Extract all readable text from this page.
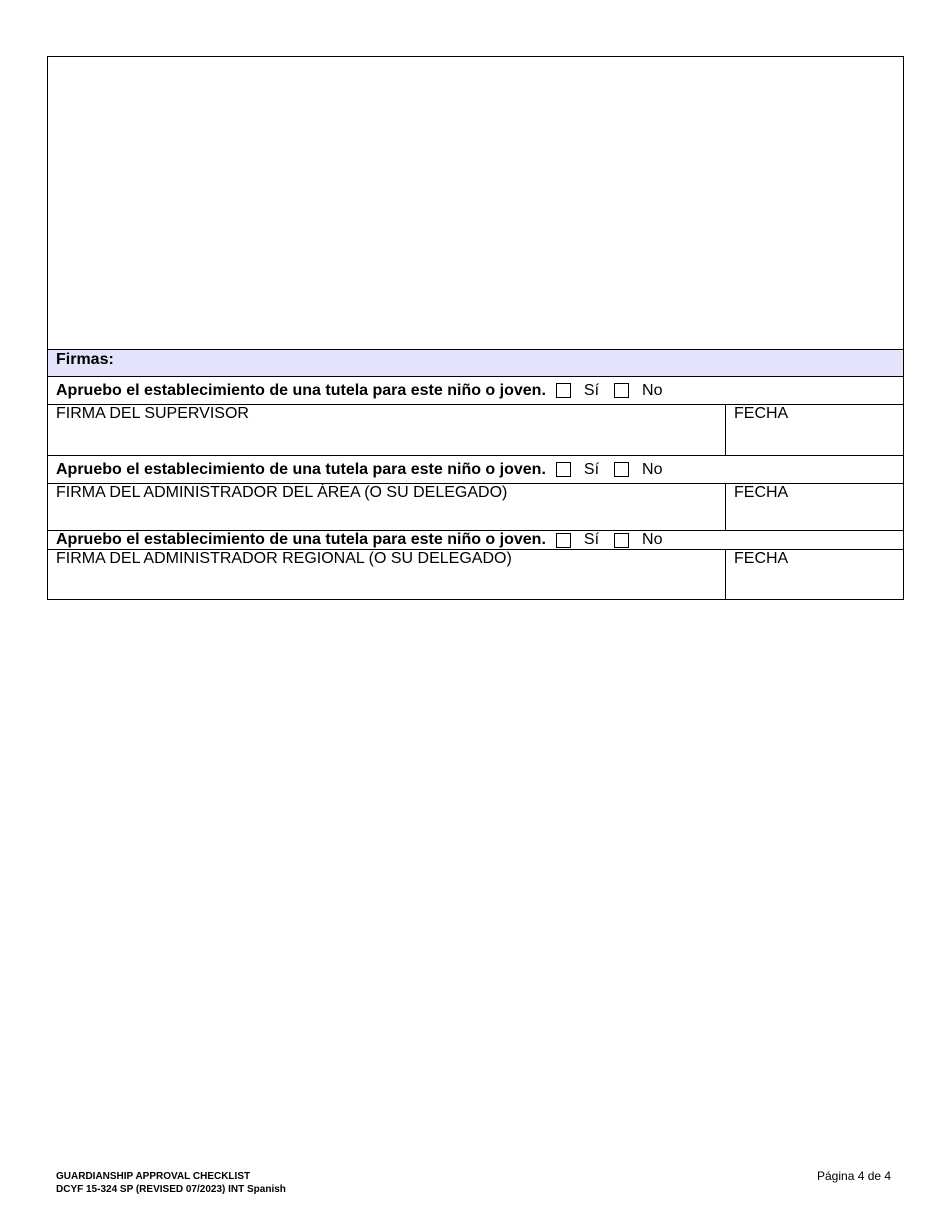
Firmas:
Apruebo el establecimiento de una tutela para este niño o joven. Sí	No
FIRMA DEL SUPERVISOR	FECHA
Apruebo el establecimiento de una tutela para este niño o joven. Sí	No
FIRMA DEL ADMINISTRADOR DEL ÁREA (O SU DELEGADO)	FECHA
Apruebo el establecimiento de una tutela para este niño o joven. Sí	No
FIRMA DEL ADMINISTRADOR REGIONAL (O SU DELEGADO)	FECHA
GUARDIANSHIP APPROVAL CHECKLIST
DCYF 15-324 SP (REVISED 07/2023) INT Spanish
Página 4 de 4
